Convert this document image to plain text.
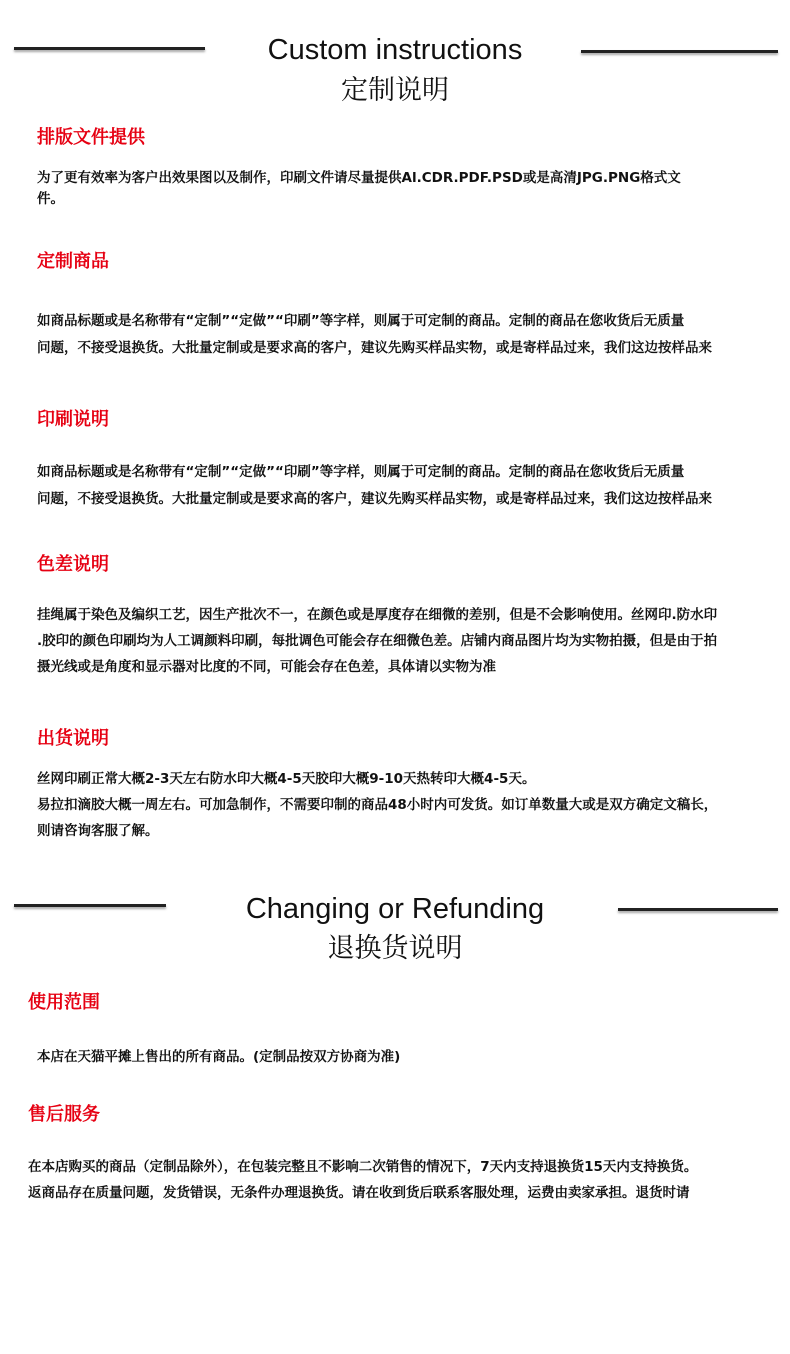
Custom instructions
定制说明
排版文件提供
为了更有效率为客户出效果图以及制作，印刷文件请尽量提供Al.CDR.PDF.PSD或是高清JPG.PNG格式文
件。
定制商品
如商品标题或是名称带有“定制”“定做”“印刷”等字样，则属于可定制的商品。定制的商品在您收货后无质量
问题，不接受退换货。大批量定制或是要求高的客户，建议先购买样品实物，或是寄样品过来，我们这边按样品来
印刷说明
如商品标题或是名称带有“定制”“定做”“印刷”等字样，则属于可定制的商品。定制的商品在您收货后无质量
问题，不接受退换货。大批量定制或是要求高的客户，建议先购买样品实物，或是寄样品过来，我们这边按样品来
色差说明
挂绳属于染色及编织工艺，因生产批次不一，在颜色或是厚度存在细微的差别，但是不会影响使用。丝网印.防水印
.胶印的颜色印刷均为人工调颜料印刷，每批调色可能会存在细微色差。店铺内商品图片均为实物拍摄，但是由于拍
摄光线或是角度和显示器对比度的不同，可能会存在色差，具体请以实物为准
出货说明
丝网印刷正常大概2-3天左右防水印大概4-5天胶印大概9-10天热转印大概4-5天。
易拉扣滴胶大概一周左右。可加急制作，不需要印制的商品48小时内可发货。如订单数量大或是双方确定文稿长，
则请咨询客服了解。
Changing or Refunding
退换货说明
使用范围
本店在天猫平摊上售出的所有商品。(定制品按双方协商为准)
售后服务
在本店购买的商品（定制品除外），在包装完整且不影响二次销售的情况下，7天内支持退换货15天内支持换货。
返商品存在质量问题，发货错误，无条件办理退换货。请在收到货后联系客服处理，运费由卖家承担。退货时请
